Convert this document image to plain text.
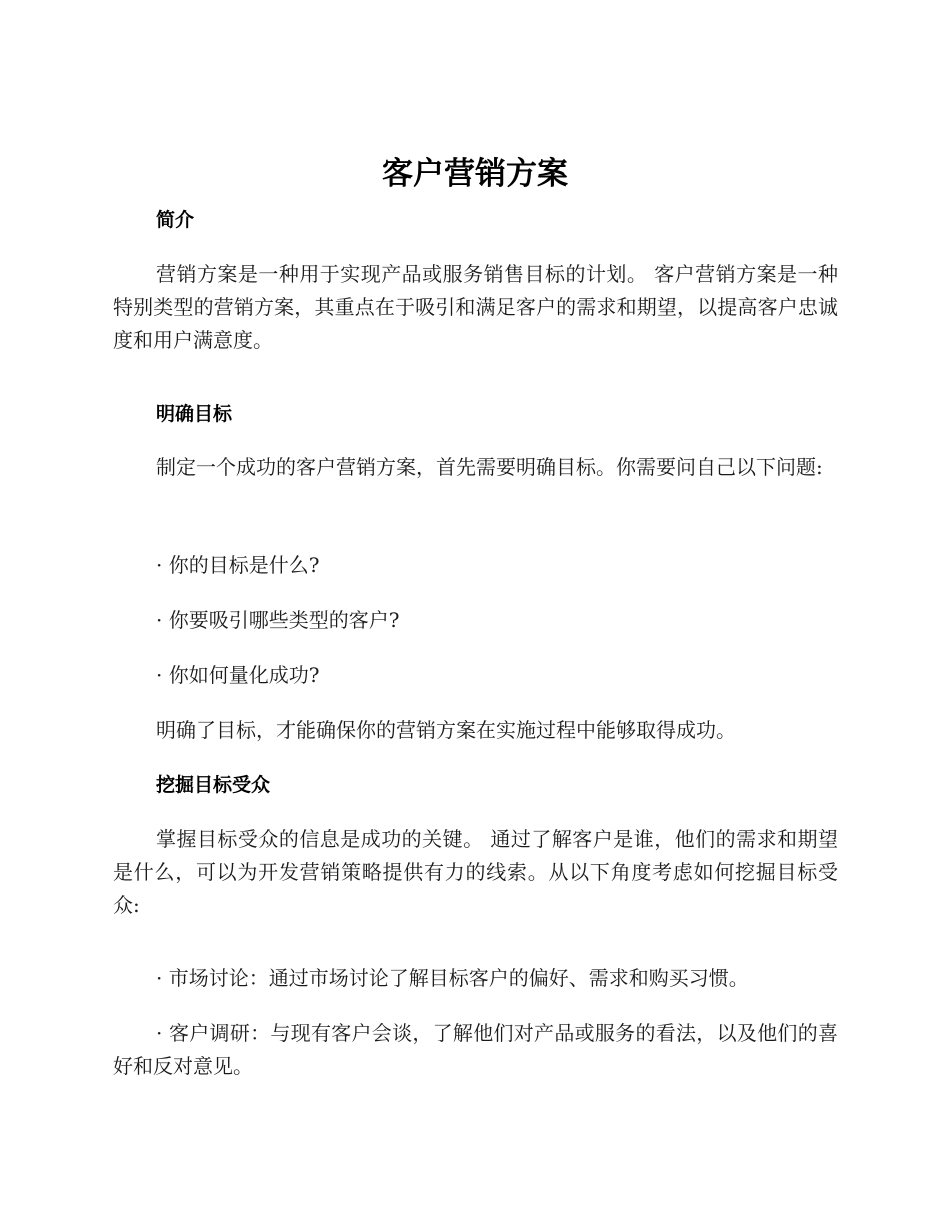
客户营销方案
简介
营销方案是一种用于实现产品或服务销售目标的计划。 客户营销方案是一种特别类型的营销方案，其重点在于吸引和满足客户的需求和期望，以提高客户忠诚度和用户满意度。
明确目标
制定一个成功的客户营销方案，首先需要明确目标。你需要问自己以下问题:
· 你的目标是什么?
· 你要吸引哪些类型的客户?
· 你如何量化成功?
明确了目标，才能确保你的营销方案在实施过程中能够取得成功。
挖掘目标受众
掌握目标受众的信息是成功的关键。 通过了解客户是谁，他们的需求和期望是什么，可以为开发营销策略提供有力的线索。从以下角度考虑如何挖掘目标受众:
· 市场讨论：通过市场讨论了解目标客户的偏好、需求和购买习惯。
· 客户调研：与现有客户会谈，了解他们对产品或服务的看法，以及他们的喜好和反对意见。
